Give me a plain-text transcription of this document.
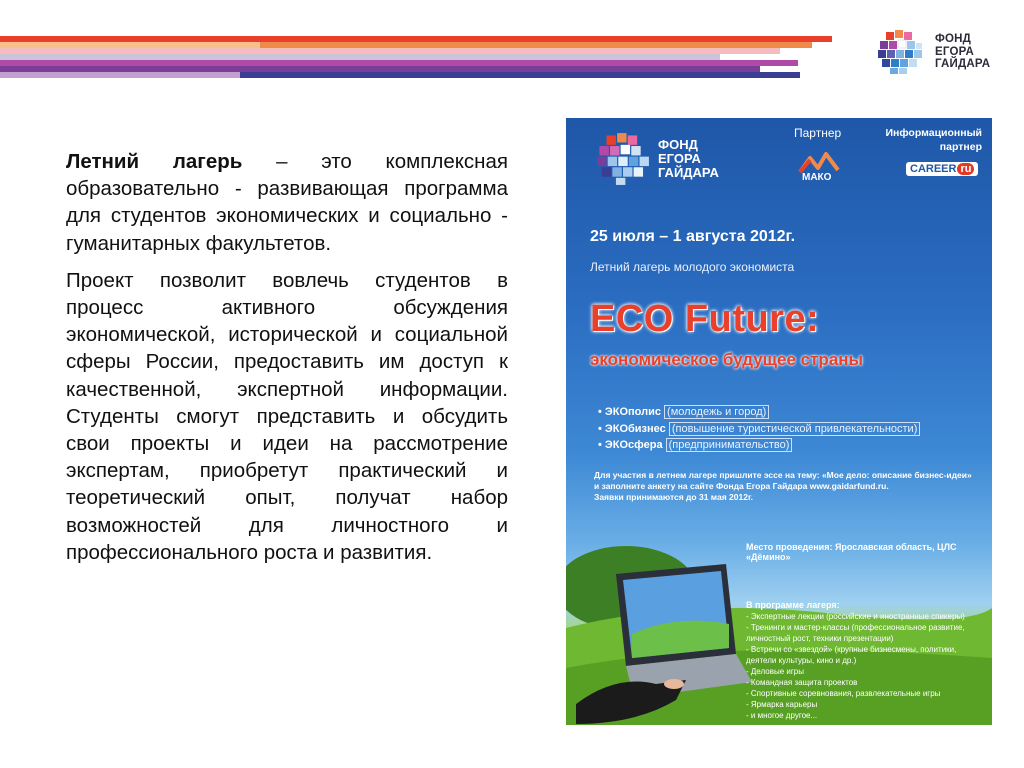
ФОНД
ЕГОРА
ГАЙДАРА

Летний лагерь – это комплексная образовательно - развивающая программа для студентов экономических и социально - гуманитарных факультетов.

Проект позволит вовлечь студентов в процесс активного обсуждения экономической, исторической и социальной сферы России, предоставить им доступ к качественной, экспертной информации. Студенты смогут представить и обсудить свои проекты и идеи на рассмотрение экспертам, приобретут практический и теоретический опыт, получат набор возможностей для личностного и профессионального роста и развития.

ФОНД
ЕГОРА
ГАЙДАРА
Партнер
МАКО
Информационный
партнер
CAREER ru
25 июля – 1 августа 2012г.
Летний лагерь молодого экономиста
ECO Future:
экономическое будущее страны
• ЭКОполис (молодежь и город)
• ЭКОбизнес (повышение туристической привлекательности)
• ЭКОсфера (предпринимательство)
Для участия в летнем лагере пришлите эссе на тему: «Мое дело: описание бизнес-идеи»
и заполните анкету на сайте Фонда Егора Гайдара www.gaidarfund.ru.
Заявки принимаются до 31 мая 2012г.
Место проведения: Ярославская область, ЦЛС «Дёмино»
В программе лагеря:
- Экспертные лекции (российские и иностранные спикеры)
- Тренинги и мастер-классы (профессиональное развитие,
личностный рост, техники презентации)
- Встречи со «звездой» (крупные бизнесмены, политики,
деятели культуры, кино и др.)
- Деловые игры
- Командная защита проектов
- Спортивные соревнования, развлекательные игры
- Ярмарка карьеры
- и многое другое...
